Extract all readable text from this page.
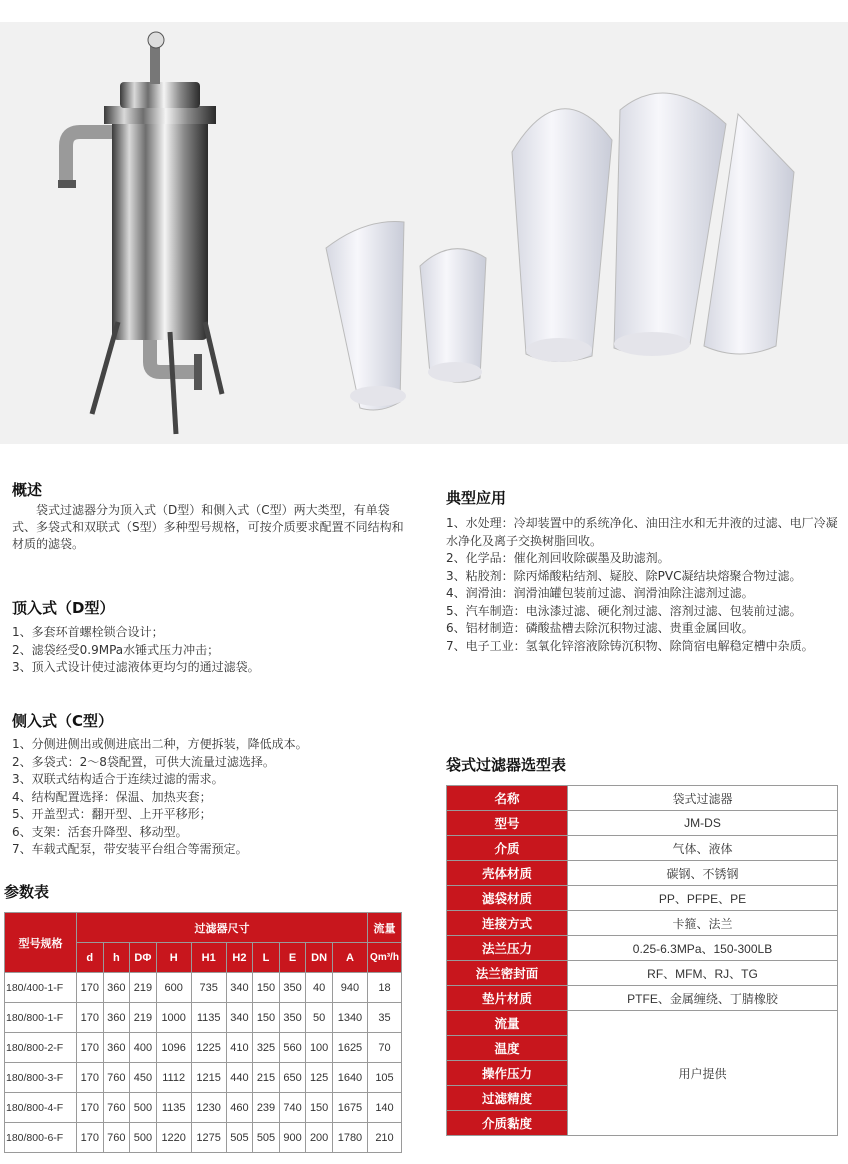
概述
袋式过滤器分为顶入式（D型）和侧入式（C型）两大类型，有单袋式、多袋式和双联式（S型）多种型号规格，可按介质要求配置不同结构和材质的滤袋。
顶入式（D型）
1、多套环首螺栓锁合设计；
2、滤袋经受0.9MPa水锤式压力冲击；
3、顶入式设计使过滤液体更均匀的通过滤袋。
侧入式（C型）
1、分侧进侧出或侧进底出二种，方便拆装，降低成本。
2、多袋式：2～8袋配置，可供大流量过滤选择。
3、双联式结构适合于连续过滤的需求。
4、结构配置选择：保温、加热夹套；
5、开盖型式：翻开型、上开平移形；
6、支架：活套升降型、移动型。
7、车载式配泵，带安装平台组合等需预定。
典型应用
1、水处理：冷却装置中的系统净化、油田注水和无井液的过滤、电厂冷凝水净化及离子交换树脂回收。
2、化学品：催化剂回收除碳墨及助滤剂。
3、粘胶剂：除丙烯酸粘结剂、疑胶、除PVC凝结块熔聚合物过滤。
4、润滑油：润滑油罐包装前过滤、润滑油除注滤剂过滤。
5、汽车制造：电泳漆过滤、硬化剂过滤、溶剂过滤、包装前过滤。
6、铝材制造：磷酸盐槽去除沉积物过滤、贵重金属回收。
7、电子工业：氢氧化锌溶液除铸沉积物、除筒宿电解稳定槽中杂质。
参数表
型号规格	过滤器尺寸										流量
	d	h	DΦ	H	H1	H2	L	E	DN	A	Qm³/h
180/400-1-F	170	360	219	600	735	340	150	350	40	940	18
180/800-1-F	170	360	219	1000	1135	340	150	350	50	1340	35
180/800-2-F	170	360	400	1096	1225	410	325	560	100	1625	70
180/800-3-F	170	760	450	1112	1215	440	215	650	125	1640	105
180/800-4-F	170	760	500	1135	1230	460	239	740	150	1675	140
180/800-6-F	170	760	500	1220	1275	505	505	900	200	1780	210
袋式过滤器选型表
名称	袋式过滤器
型号	JM-DS
介质	气体、液体
壳体材质	碳钢、不锈钢
滤袋材质	PP、PFPE、PE
连接方式	卡箍、法兰
法兰压力	0.25-6.3MPa、150-300LB
法兰密封面	RF、MFM、RJ、TG
垫片材质	PTFE、金属缠绕、丁腈橡胶
流量	用户提供
温度	
操作压力	
过滤精度	
介质黏度	
